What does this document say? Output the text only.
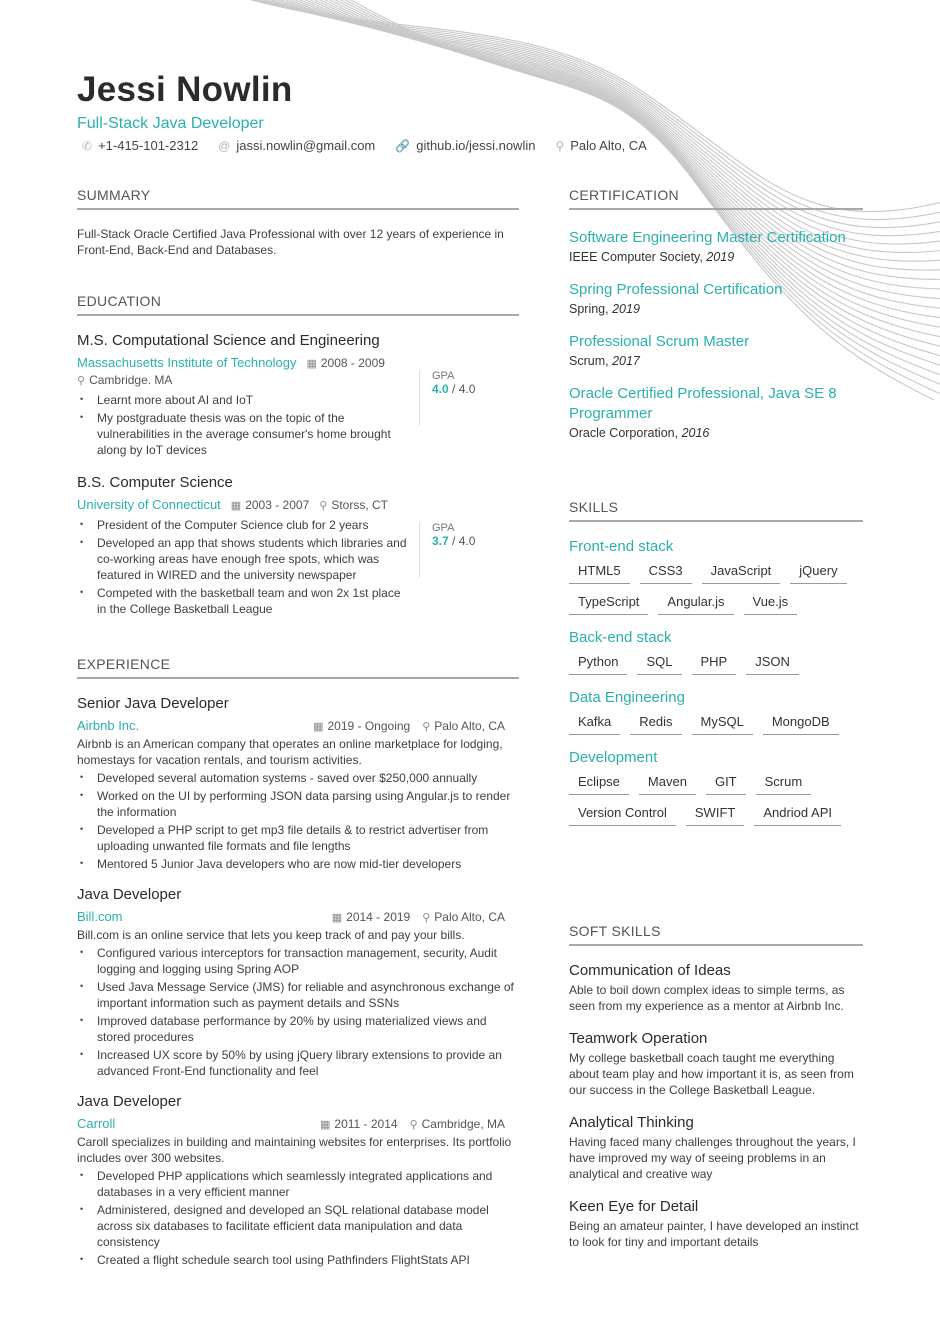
Jessi Nowlin
Full-Stack Java Developer
✆ +1-415-101-2312 @ jassi.nowlin@gmail.com 🔗 github.io/jessi.nowlin ⚲ Palo Alto, CA
SUMMARY
Full-Stack Oracle Certified Java Professional with over 12 years of experience in Front-End, Back-End and Databases.
EDUCATION
M.S. Computational Science and Engineering
Massachusetts Institute of Technology ▦ 2008 - 2009
⚲ Cambridge. MA
• Learnt more about AI and IoT
• My postgraduate thesis was on the topic of the vulnerabilities in the average consumer's home brought along by IoT devices
GPA
4.0 / 4.0
B.S. Computer Science
University of Connecticut ▦ 2003 - 2007 ⚲ Storss, CT
• President of the Computer Science club for 2 years
• Developed an app that shows students which libraries and co-working areas have enough free spots, which was featured in WIRED and the university newspaper
• Competed with the basketball team and won 2x 1st place in the College Basketball League
GPA
3.7 / 4.0
EXPERIENCE
Senior Java Developer
Airbnb Inc.	▦ 2019 - Ongoing ⚲ Palo Alto, CA
Airbnb is an American company that operates an online marketplace for lodging, homestays for vacation rentals, and tourism activities.
• Developed several automation systems - saved over $250,000 annually
• Worked on the UI by performing JSON data parsing using Angular.js to render the information
• Developed a PHP script to get mp3 file details & to restrict advertiser from uploading unwanted file formats and file lengths
• Mentored 5 Junior Java developers who are now mid-tier developers
Java Developer
Bill.com	▦ 2014 - 2019 ⚲ Palo Alto, CA
Bill.com is an online service that lets you keep track of and pay your bills.
• Configured various interceptors for transaction management, security, Audit logging and logging using Spring AOP
• Used Java Message Service (JMS) for reliable and asynchronous exchange of important information such as payment details and SSNs
• Improved database performance by 20% by using materialized views and stored procedures
• Increased UX score by 50% by using jQuery library extensions to provide an advanced Front-End functionality and feel
Java Developer
Carroll	▦ 2011 - 2014 ⚲ Cambridge, MA
Caroll specializes in building and maintaining websites for enterprises. Its portfolio includes over 300 websites.
• Developed PHP applications which seamlessly integrated applications and databases in a very efficient manner
• Administered, designed and developed an SQL relational database model across six databases to facilitate efficient data manipulation and data consistency
• Created a flight schedule search tool using Pathfinders FlightStats API
CERTIFICATION
Software Engineering Master Certification
IEEE Computer Society, 2019
Spring Professional Certification
Spring, 2019
Professional Scrum Master
Scrum, 2017
Oracle Certified Professional, Java SE 8 Programmer
Oracle Corporation, 2016
SKILLS
Front-end stack
HTML5	CSS3	JavaScript	jQuery
TypeScript	Angular.js	Vue.js
Back-end stack
Python	SQL	PHP	JSON
Data Engineering
Kafka	Redis	MySQL	MongoDB
Development
Eclipse	Maven	GIT	Scrum
Version Control	SWIFT	Andriod API
SOFT SKILLS
Communication of Ideas
Able to boil down complex ideas to simple terms, as seen from my experience as a mentor at Airbnb Inc.
Teamwork Operation
My college basketball coach taught me everything about team play and how important it is, as seen from our success in the College Basketball League.
Analytical Thinking
Having faced many challenges throughout the years, I have improved my way of seeing problems in an analytical and creative way
Keen Eye for Detail
Being an amateur painter, I have developed an instinct to look for tiny and important details
